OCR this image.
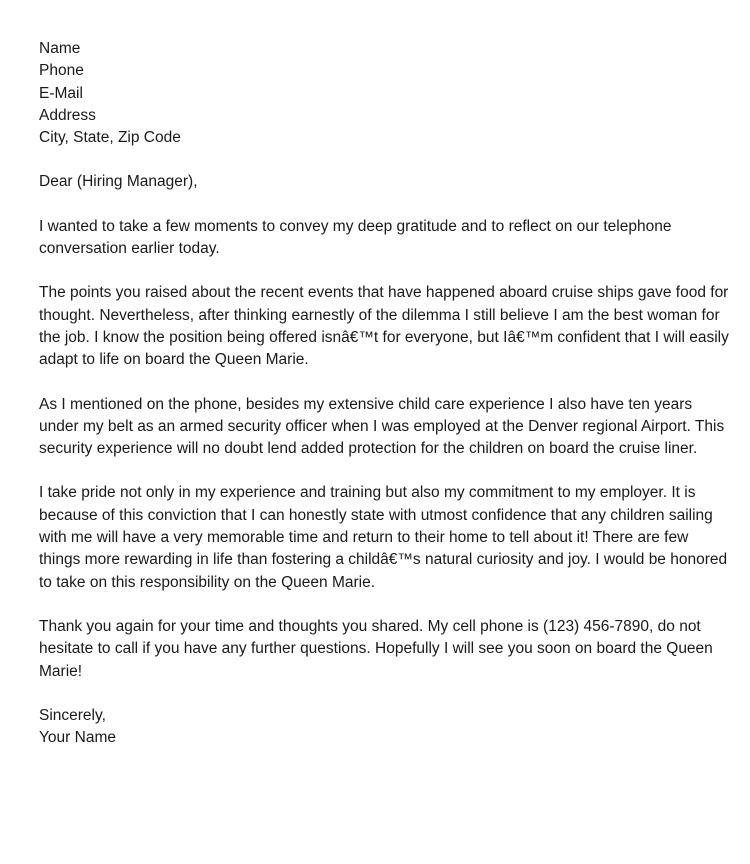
Name
Phone
E-Mail
Address
City, State, Zip Code
Dear (Hiring Manager),

I wanted to take a few moments to convey my deep gratitude and to reflect on our telephone conversation earlier today.

The points you raised about the recent events that have happened aboard cruise ships gave food for thought. Nevertheless, after thinking earnestly of the dilemma I still believe I am the best woman for the job. I know the position being offered isnâ€™t for everyone, but Iâ€™m confident that I will easily adapt to life on board the Queen Marie.

As I mentioned on the phone, besides my extensive child care experience I also have ten years under my belt as an armed security officer when I was employed at the Denver regional Airport. This security experience will no doubt lend added protection for the children on board the cruise liner.

I take pride not only in my experience and training but also my commitment to my employer. It is because of this conviction that I can honestly state with utmost confidence that any children sailing with me will have a very memorable time and return to their home to tell about it! There are few things more rewarding in life than fostering a childâ€™s natural curiosity and joy. I would be honored to take on this responsibility on the Queen Marie.

Thank you again for your time and thoughts you shared. My cell phone is (123) 456-7890, do not hesitate to call if you have any further questions. Hopefully I will see you soon on board the Queen Marie!

Sincerely,
Your Name
